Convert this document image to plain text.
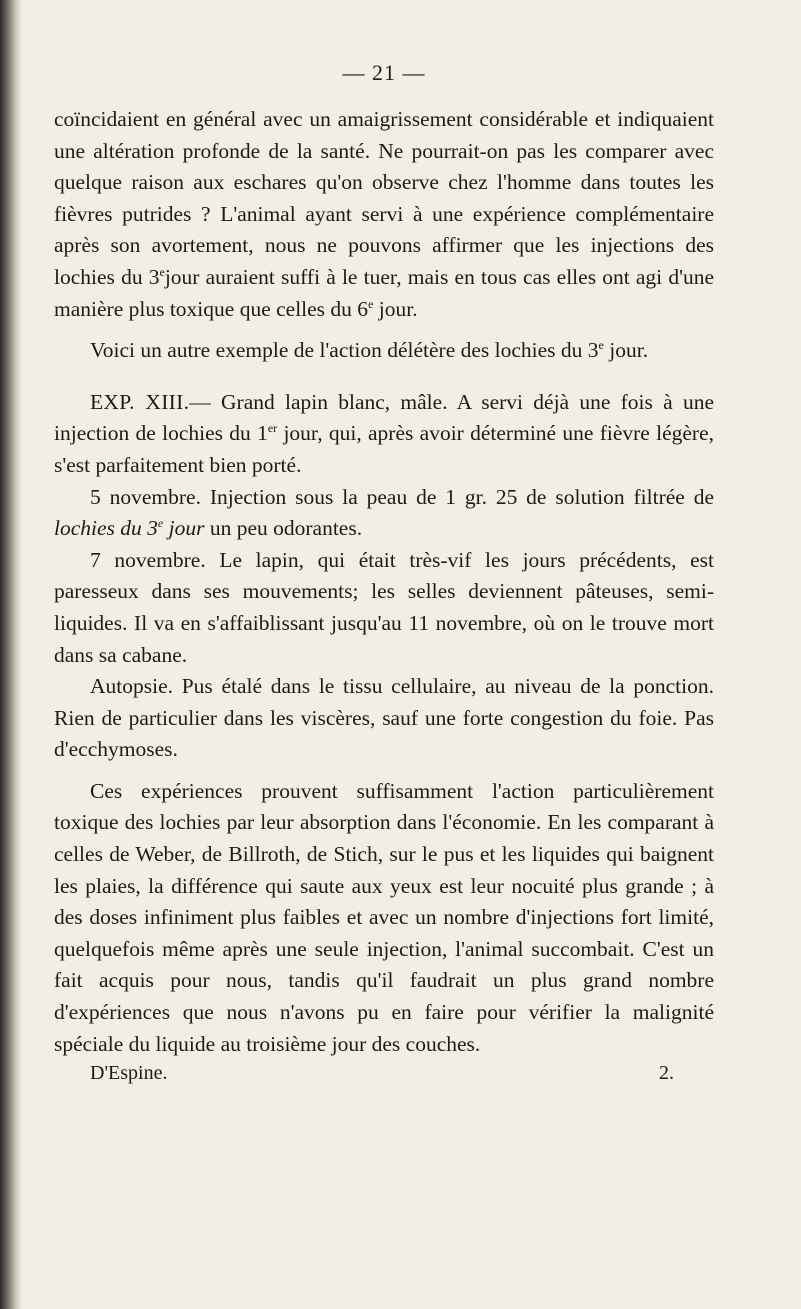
— 21 —

coïncidaient en général avec un amaigrissement considérable et indiquaient une altération profonde de la santé. Ne pourrait-on pas les comparer avec quelque raison aux eschares qu'on observe chez l'homme dans toutes les fièvres putrides ? L'animal ayant servi à une expérience complémentaire après son avortement, nous ne pouvons affirmer que les injections des lochies du 3ejour auraient suffi à le tuer, mais en tous cas elles ont agi d'une manière plus toxique que celles du 6e jour.

Voici un autre exemple de l'action délétère des lochies du 3e jour.

EXP. XIII.— Grand lapin blanc, mâle. A servi déjà une fois à une injection de lochies du 1er jour, qui, après avoir déterminé une fièvre légère, s'est parfaitement bien porté.

5 novembre. Injection sous la peau de 1 gr. 25 de solution filtrée de lochies du 3e jour un peu odorantes.

7 novembre. Le lapin, qui était très-vif les jours précédents, est paresseux dans ses mouvements; les selles deviennent pâteuses, semi-liquides. Il va en s'affaiblissant jusqu'au 11 novembre, où on le trouve mort dans sa cabane.

Autopsie. Pus étalé dans le tissu cellulaire, au niveau de la ponction. Rien de particulier dans les viscères, sauf une forte congestion du foie. Pas d'ecchymoses.

Ces expériences prouvent suffisamment l'action particulièrement toxique des lochies par leur absorption dans l'économie. En les comparant à celles de Weber, de Billroth, de Stich, sur le pus et les liquides qui baignent les plaies, la différence qui saute aux yeux est leur nocuité plus grande ; à des doses infiniment plus faibles et avec un nombre d'injections fort limité, quelquefois même après une seule injection, l'animal succombait. C'est un fait acquis pour nous, tandis qu'il faudrait un plus grand nombre d'expériences que nous n'avons pu en faire pour vérifier la malignité spéciale du liquide au troisième jour des couches.

D'Espine.	2.
